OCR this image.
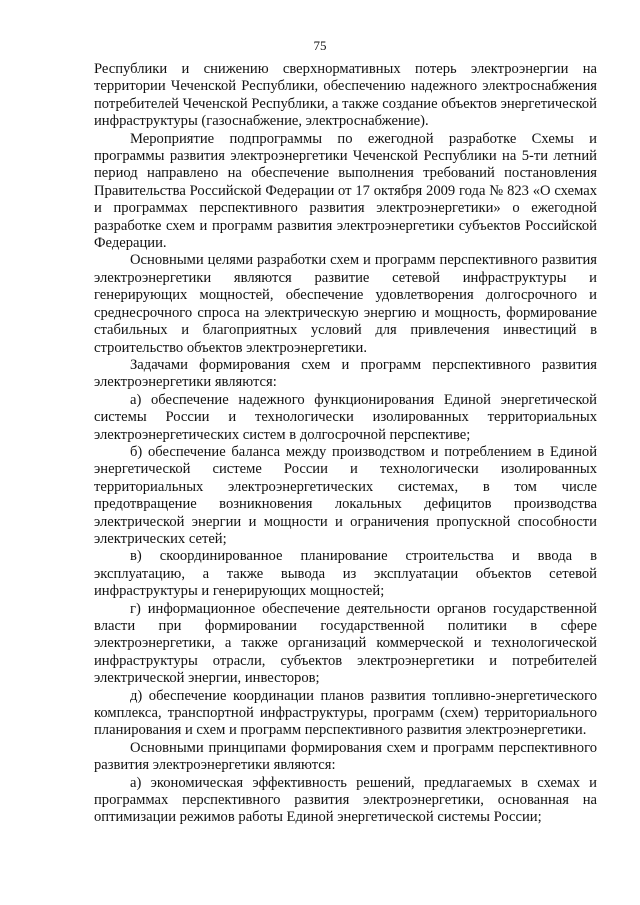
75

Республики и снижению сверхнормативных потерь электроэнергии на территории Чеченской Республики, обеспечению надежного электроснабжения потребителей Чеченской Республики, а также создание объектов энергетической инфраструктуры (газоснабжение, электроснабжение).

Мероприятие подпрограммы по ежегодной разработке Схемы и программы развития электроэнергетики Чеченской Республики на 5-ти летний период направлено на обеспечение выполнения требований постановления Правительства Российской Федерации от 17 октября 2009 года № 823 «О схемах и программах перспективного развития электроэнергетики» о ежегодной разработке схем и программ развития электроэнергетики субъектов Российской Федерации.

Основными целями разработки схем и программ перспективного развития электроэнергетики являются развитие сетевой инфраструктуры и генерирующих мощностей, обеспечение удовлетворения долгосрочного и среднесрочного спроса на электрическую энергию и мощность, формирование стабильных и благоприятных условий для привлечения инвестиций в строительство объектов электроэнергетики.

Задачами формирования схем и программ перспективного развития электроэнергетики являются:

а) обеспечение надежного функционирования Единой энергетической системы России и технологически изолированных территориальных электроэнергетических систем в долгосрочной перспективе;

б) обеспечение баланса между производством и потреблением в Единой энергетической системе России и технологически изолированных территориальных электроэнергетических системах, в том числе предотвращение возникновения локальных дефицитов производства электрической энергии и мощности и ограничения пропускной способности электрических сетей;

в) скоординированное планирование строительства и ввода в эксплуатацию, а также вывода из эксплуатации объектов сетевой инфраструктуры и генерирующих мощностей;

г) информационное обеспечение деятельности органов государственной власти при формировании государственной политики в сфере электроэнергетики, а также организаций коммерческой и технологической инфраструктуры отрасли, субъектов электроэнергетики и потребителей электрической энергии, инвесторов;

д) обеспечение координации планов развития топливно-энергетического комплекса, транспортной инфраструктуры, программ (схем) территориального планирования и схем и программ перспективного развития электроэнергетики.

Основными принципами формирования схем и программ перспективного развития электроэнергетики являются:

а) экономическая эффективность решений, предлагаемых в схемах и программах перспективного развития электроэнергетики, основанная на оптимизации режимов работы Единой энергетической системы России;
